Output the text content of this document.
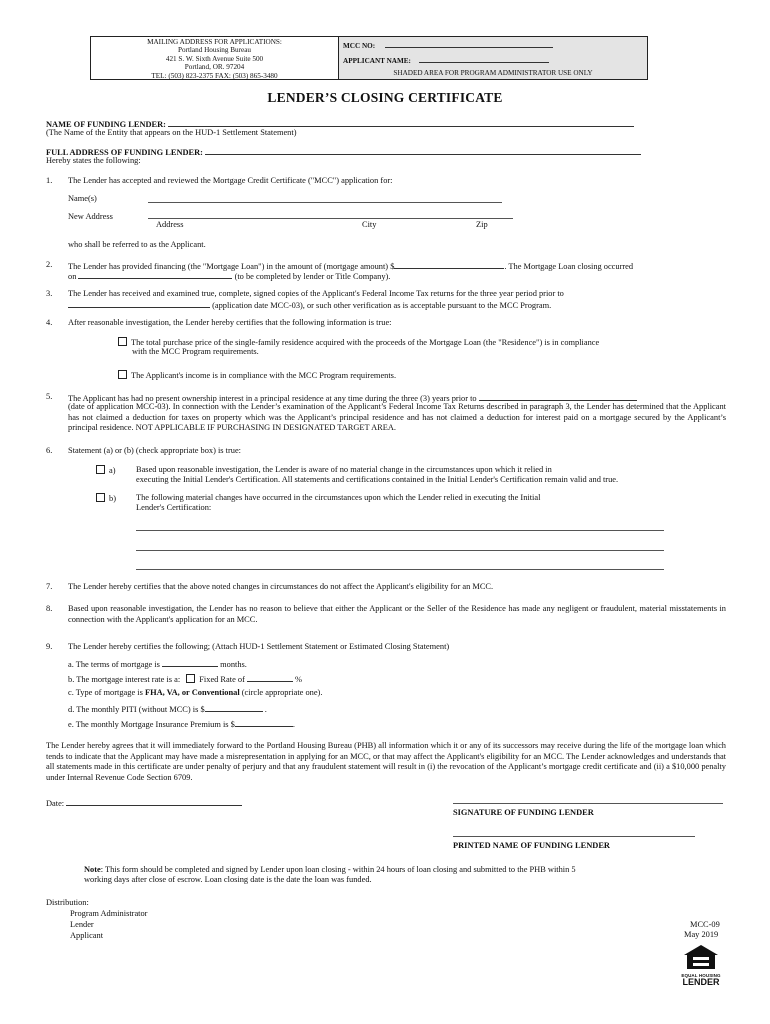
MAILING ADDRESS FOR APPLICATIONS:
Portland Housing Bureau
421 S. W. Sixth Avenue Suite 500
Portland, OR. 97204
TEL: (503) 823-2375 FAX: (503) 865-3480
MCC NO:
APPLICANT NAME:
SHADED AREA FOR PROGRAM ADMINISTRATOR USE ONLY
LENDER’S CLOSING CERTIFICATE
NAME OF FUNDING LENDER:
(The Name of the Entity that appears on the HUD-1 Settlement Statement)
FULL ADDRESS OF FUNDING LENDER:
Hereby states the following:
1. The Lender has accepted and reviewed the Mortgage Credit Certificate ("MCC") application for:
Name(s)
New Address
Address	City	Zip
who shall be referred to as the Applicant.
2. The Lender has provided financing (the "Mortgage Loan") in the amount of (mortgage amount) $	. The Mortgage Loan closing occurred
on	(to be completed by lender or Title Company).
3. The Lender has received and examined true, complete, signed copies of the Applicant's Federal Income Tax returns for the three year period prior to
(application date MCC-03), or such other verification as is acceptable pursuant to the MCC Program.
4. After reasonable investigation, the Lender hereby certifies that the following information is true:
The total purchase price of the single-family residence acquired with the proceeds of the Mortgage Loan (the "Residence") is in compliance
with the MCC Program requirements.
The Applicant's income is in compliance with the MCC Program requirements.
5. The Applicant has had no present ownership interest in a principal residence at any time during the three (3) years prior to
(date of application MCC-03). In connection with the Lender’s examination of the Applicant’s Federal Income Tax Returns described in paragraph 3, the Lender has determined that the Applicant has not claimed a deduction for taxes on property which was the Applicant’s principal residence and has not claimed a deduction for interest paid on a mortgage secured by the Applicant’s principal residence. NOT APPLICABLE IF PURCHASING IN DESIGNATED TARGET AREA.
6. Statement (a) or (b) (check appropriate box) is true:
a) Based upon reasonable investigation, the Lender is aware of no material change in the circumstances upon which it relied in
executing the Initial Lender's Certification. All statements and certifications contained in the Initial Lender's Certification remain valid and true.
b) The following material changes have occurred in the circumstances upon which the Lender relied in executing the Initial
Lender's Certification:
7. The Lender hereby certifies that the above noted changes in circumstances do not affect the Applicant's eligibility for an MCC.
8. Based upon reasonable investigation, the Lender has no reason to believe that either the Applicant or the Seller of the Residence has made any negligent or fraudulent, material misstatements in connection with the Applicant's application for an MCC.
9. The Lender hereby certifies the following; (Attach HUD-1 Settlement Statement or Estimated Closing Statement)
a. The terms of mortgage is	months.
b. The mortgage interest rate is a: Fixed Rate of	%
c. Type of mortgage is FHA, VA, or Conventional (circle appropriate one).
d. The monthly PITI (without MCC) is $	.
e. The monthly Mortgage Insurance Premium is $	.
The Lender hereby agrees that it will immediately forward to the Portland Housing Bureau (PHB) all information which it or any of its successors may receive during the life of the mortgage loan which tends to indicate that the Applicant may have made a misrepresentation in applying for an MCC, or that may affect the Applicant's eligibility for an MCC. The Lender acknowledges and understands that all statements made in this certificate are under penalty of perjury and that any fraudulent statement will result in (i) the revocation of the Applicant’s mortgage credit certificate and (ii) a $10,000 penalty under Internal Revenue Code Section 6709.
Date:
SIGNATURE OF FUNDING LENDER
PRINTED NAME OF FUNDING LENDER
Note: This form should be completed and signed by Lender upon loan closing - within 24 hours of loan closing and submitted to the PHB within 5
working days after close of escrow. Loan closing date is the date the loan was funded.
Distribution:
Program Administrator
Lender
Applicant
MCC-09
May 2019
EQUAL HOUSING
LENDER
